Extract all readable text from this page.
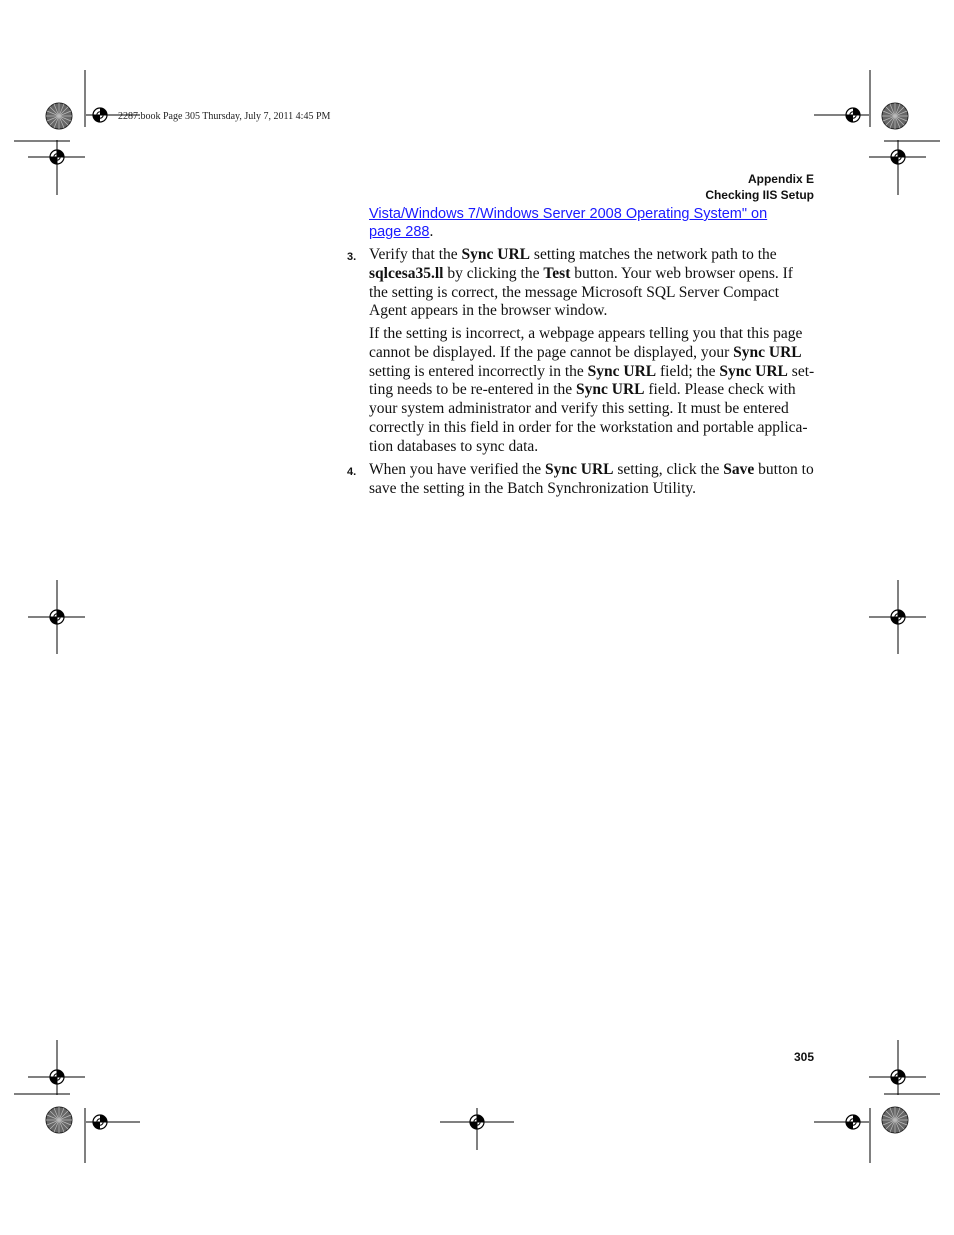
2287.book Page 305 Thursday, July 7, 2011 4:45 PM
Appendix E
Checking IIS Setup
Vista/Windows 7/Windows Server 2008 Operating System" on
page 288.
3. Verify that the Sync URL setting matches the network path to the
sqlcesa35.ll by clicking the Test button. Your web browser opens. If
the setting is correct, the message Microsoft SQL Server Compact
Agent appears in the browser window.
If the setting is incorrect, a webpage appears telling you that this page
cannot be displayed. If the page cannot be displayed, your Sync URL
setting is entered incorrectly in the Sync URL field; the Sync URL set-
ting needs to be re-entered in the Sync URL field. Please check with
your system administrator and verify this setting. It must be entered
correctly in this field in order for the workstation and portable applica-
tion databases to sync data.
4. When you have verified the Sync URL setting, click the Save button to
save the setting in the Batch Synchronization Utility.
305
